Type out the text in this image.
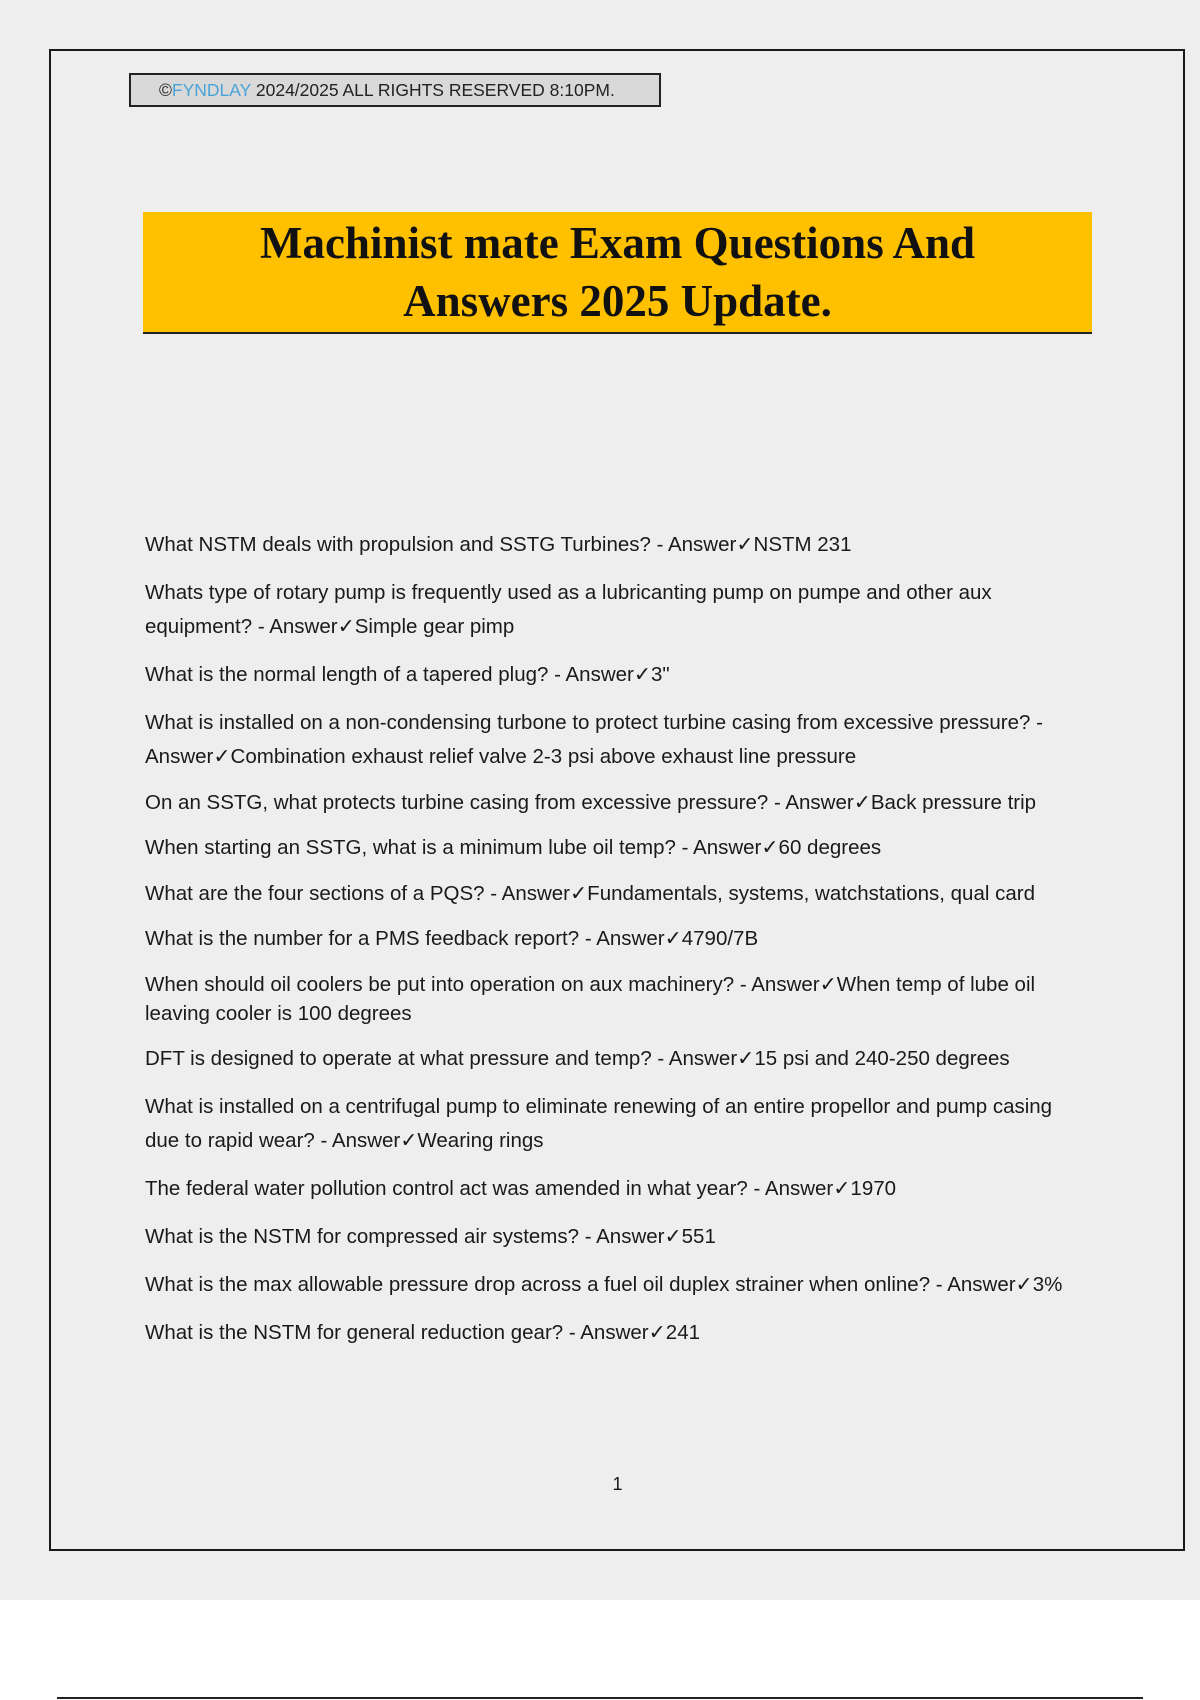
©FYNDLAY 2024/2025 ALL RIGHTS RESERVED 8:10PM.
Machinist mate Exam Questions And Answers 2025 Update.
What NSTM deals with propulsion and SSTG Turbines? - Answer✓NSTM 231
Whats type of rotary pump is frequently used as a lubricanting pump on pumpe and other aux equipment? - Answer✓Simple gear pimp
What is the normal length of a tapered plug? - Answer✓3"
What is installed on a non-condensing turbone to protect turbine casing from excessive pressure? - Answer✓Combination exhaust relief valve 2-3 psi above exhaust line pressure
On an SSTG, what protects turbine casing from excessive pressure? - Answer✓Back pressure trip
When starting an SSTG, what is a minimum lube oil temp? - Answer✓60 degrees
What are the four sections of a PQS? - Answer✓Fundamentals, systems, watchstations, qual card
What is the number for a PMS feedback report? - Answer✓4790/7B
When should oil coolers be put into operation on aux machinery? - Answer✓When temp of lube oil leaving cooler is 100 degrees
DFT is designed to operate at what pressure and temp? - Answer✓15 psi and 240-250 degrees
What is installed on a centrifugal pump to eliminate renewing of an entire propellor and pump casing due to rapid wear? - Answer✓Wearing rings
The federal water pollution control act was amended in what year? - Answer✓1970
What is the NSTM for compressed air systems? - Answer✓551
What is the max allowable pressure drop across a fuel oil duplex strainer when online? - Answer✓3%
What is the NSTM for general reduction gear? - Answer✓241
1
